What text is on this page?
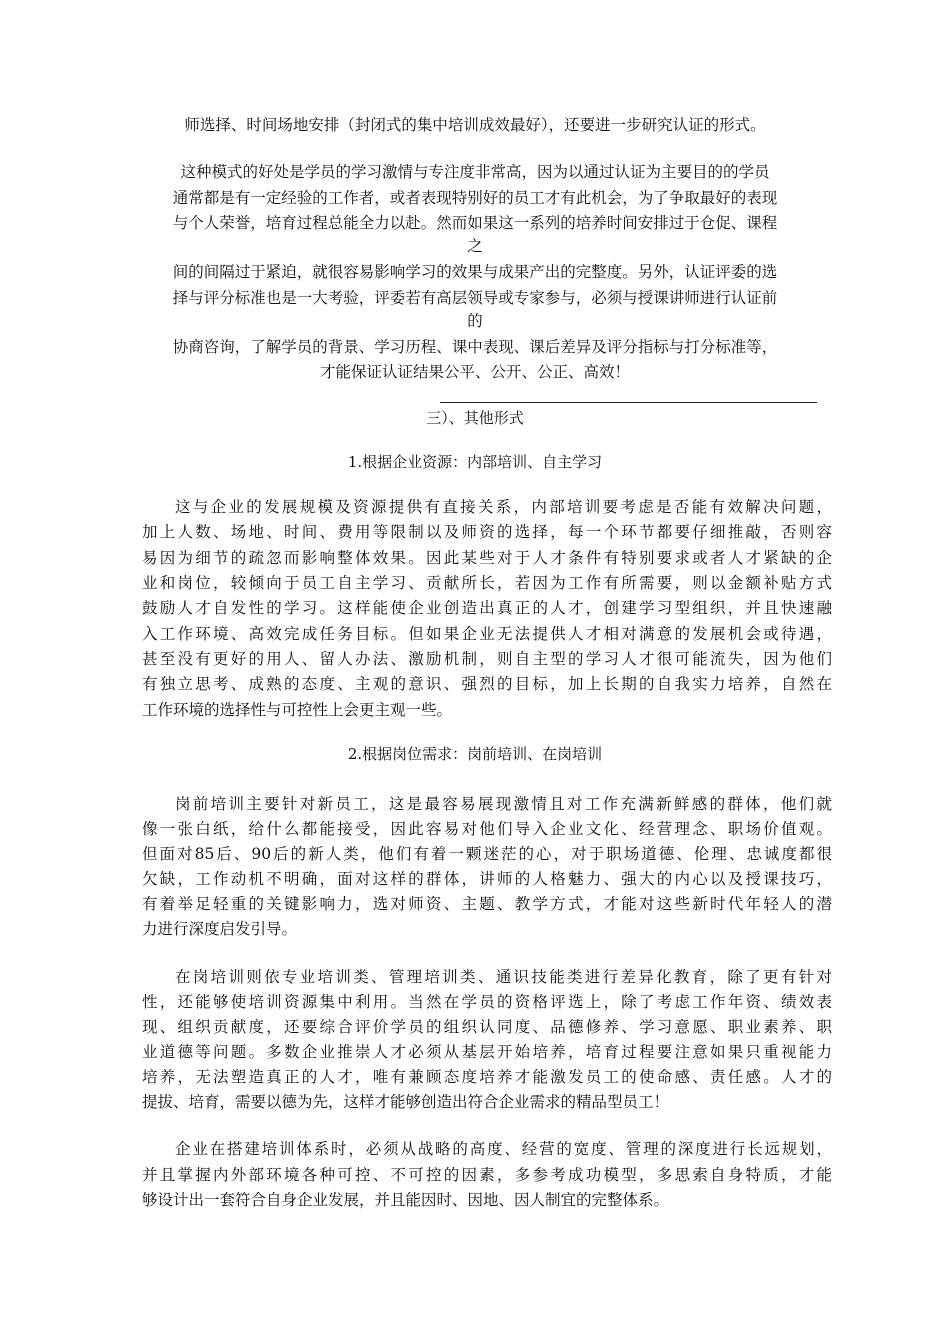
师选择、时间场地安排（封闭式的集中培训成效最好），还要进一步研究认证的形式。
这种模式的好处是学员的学习激情与专注度非常高，因为以通过认证为主要目的的学员
通常都是有一定经验的工作者，或者表现特别好的员工才有此机会，为了争取最好的表现
与个人荣誉，培育过程总能全力以赴。然而如果这一系列的培养时间安排过于仓促、课程
之
间的间隔过于紧迫，就很容易影响学习的效果与成果产出的完整度。另外，认证评委的选
择与评分标准也是一大考验，评委若有高层领导或专家参与，必须与授课讲师进行认证前
的
协商咨询，了解学员的背景、学习历程、课中表现、课后差异及评分指标与打分标准等，
才能保证认证结果公平、公开、公正、高效！
三）、其他形式
1.根据企业资源：内部培训、自主学习
这与企业的发展规模及资源提供有直接关系，内部培训要考虑是否能有效解决问题，
加上人数、场地、时间、费用等限制以及师资的选择，每一个环节都要仔细推敲，否则容
易因为细节的疏忽而影响整体效果。因此某些对于人才条件有特别要求或者人才紧缺的企
业和岗位，较倾向于员工自主学习、贡献所长，若因为工作有所需要，则以金额补贴方式
鼓励人才自发性的学习。这样能使企业创造出真正的人才，创建学习型组织，并且快速融
入工作环境、高效完成任务目标。但如果企业无法提供人才相对满意的发展机会或待遇，
甚至没有更好的用人、留人办法、激励机制，则自主型的学习人才很可能流失，因为他们
有独立思考、成熟的态度、主观的意识、强烈的目标，加上长期的自我实力培养，自然在
工作环境的选择性与可控性上会更主观一些。
2.根据岗位需求：岗前培训、在岗培训
岗前培训主要针对新员工，这是最容易展现激情且对工作充满新鲜感的群体，他们就
像一张白纸，给什么都能接受，因此容易对他们导入企业文化、经营理念、职场价值观。
但面对85后、90后的新人类，他们有着一颗迷茫的心，对于职场道德、伦理、忠诚度都很
欠缺，工作动机不明确，面对这样的群体，讲师的人格魅力、强大的内心以及授课技巧，
有着举足轻重的关键影响力，选对师资、主题、教学方式，才能对这些新时代年轻人的潜
力进行深度启发引导。
在岗培训则依专业培训类、管理培训类、通识技能类进行差异化教育，除了更有针对
性，还能够使培训资源集中利用。当然在学员的资格评选上，除了考虑工作年资、绩效表
现、组织贡献度，还要综合评价学员的组织认同度、品德修养、学习意愿、职业素养、职
业道德等问题。多数企业推崇人才必须从基层开始培养，培育过程要注意如果只重视能力
培养，无法塑造真正的人才，唯有兼顾态度培养才能激发员工的使命感、责任感。人才的
提拔、培育，需要以德为先，这样才能够创造出符合企业需求的精品型员工！
企业在搭建培训体系时，必须从战略的高度、经营的宽度、管理的深度进行长远规划，
并且掌握内外部环境各种可控、不可控的因素，多参考成功模型，多思索自身特质，才能
够设计出一套符合自身企业发展，并且能因时、因地、因人制宜的完整体系。
